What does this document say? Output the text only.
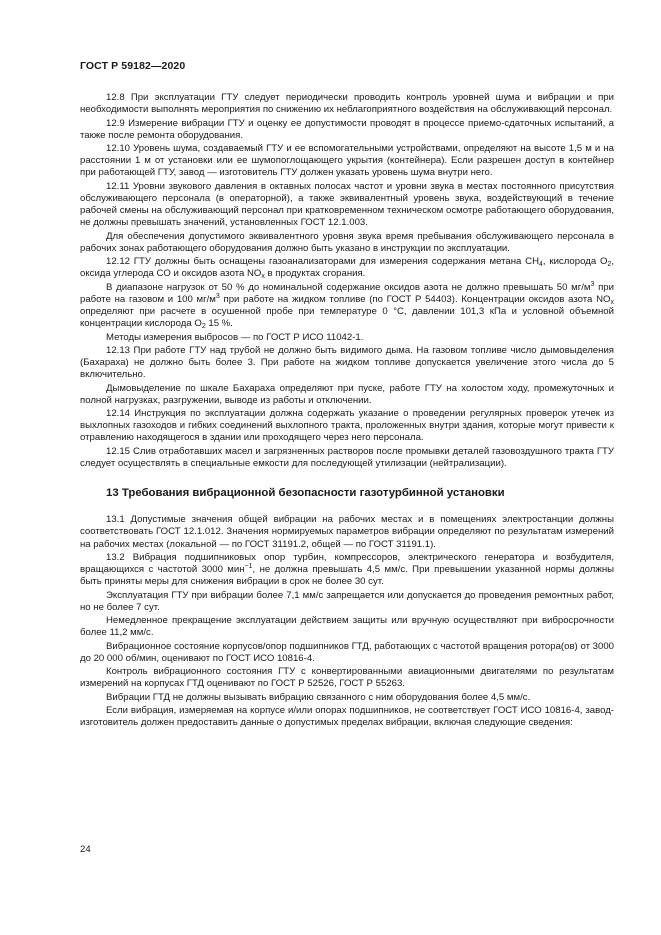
ГОСТ Р 59182—2020

12.8 При эксплуатации ГТУ следует периодически проводить контроль уровней шума и вибрации и при необходимости выполнять мероприятия по снижению их неблагоприятного воздействия на обслуживающий персонал.

12.9 Измерение вибрации ГТУ и оценку ее допустимости проводят в процессе приемо-сдаточных испытаний, а также после ремонта оборудования.

12.10 Уровень шума, создаваемый ГТУ и ее вспомогательными устройствами, определяют на высоте 1,5 м и на расстоянии 1 м от установки или ее шумопоглощающего укрытия (контейнера). Если разрешен доступ в контейнер при работающей ГТУ, завод — изготовитель ГТУ должен указать уровень шума внутри него.

12.11 Уровни звукового давления в октавных полосах частот и уровни звука в местах постоянного присутствия обслуживающего персонала (в операторной), а также эквивалентный уровень звука, воздействующий в течение рабочей смены на обслуживающий персонал при кратковременном техническом осмотре работающего оборудования, не должны превышать значений, установленных ГОСТ 12.1.003.

Для обеспечения допустимого эквивалентного уровня звука время пребывания обслуживающего персонала в рабочих зонах работающего оборудования должно быть указано в инструкции по эксплуатации.

12.12 ГТУ должны быть оснащены газоанализаторами для измерения содержания метана $CH_4$, кислорода $O_2$, оксида углерода CO и оксидов азота $NO_x$ в продуктах сгорания.

В диапазоне нагрузок от 50 % до номинальной содержание оксидов азота не должно превышать 50 $мг/м^3$ при работе на газовом и 100 $мг/м^3$ при работе на жидком топливе (по ГОСТ Р 54403). Концентрации оксидов азота $NO_x$ определяют при расчете в осушенной пробе при температуре 0 °C, давлении 101,3 кПа и условной объемной концентрации кислорода $O_2$ 15 %.

Методы измерения выбросов — по ГОСТ Р ИСО 11042-1.

12.13 При работе ГТУ над трубой не должно быть видимого дыма. На газовом топливе число дымовыделения (Бахараха) не должно быть более 3. При работе на жидком топливе допускается увеличение этого числа до 5 включительно.

Дымовыделение по шкале Бахараха определяют при пуске, работе ГТУ на холостом ходу, промежуточных и полной нагрузках, разгружении, выводе из работы и отключении.

12.14 Инструкция по эксплуатации должна содержать указание о проведении регулярных проверок утечек из выхлопных газоходов и гибких соединений выхлопного тракта, проложенных внутри здания, которые могут привести к отравлению находящегося в здании или проходящего через него персонала.

12.15 Слив отработавших масел и загрязненных растворов после промывки деталей газовоздушного тракта ГТУ следует осуществлять в специальные емкости для последующей утилизации (нейтрализации).

13 Требования вибрационной безопасности газотурбинной установки

13.1 Допустимые значения общей вибрации на рабочих местах и в помещениях электростанции должны соответствовать ГОСТ 12.1.012. Значения нормируемых параметров вибрации определяют по результатам измерений на рабочих местах (локальной — по ГОСТ 31191.2, общей — по ГОСТ 31191.1).

13.2 Вибрация подшипниковых опор турбин, компрессоров, электрического генератора и возбудителя, вращающихся с частотой 3000 мин$^{-1}$, не должна превышать 4,5 мм/с. При превышении указанной нормы должны быть приняты меры для снижения вибрации в срок не более 30 сут.

Эксплуатация ГТУ при вибрации более 7,1 мм/с запрещается или допускается до проведения ремонтных работ, но не более 7 сут.

Немедленное прекращение эксплуатации действием защиты или вручную осуществляют при вибросрочности более 11,2 мм/с.

Вибрационное состояние корпусов/опор подшипников ГТД, работающих с частотой вращения ротора(ов) от 3000 до 20 000 об/мин, оценивают по ГОСТ ИСО 10816-4.

Контроль вибрационного состояния ГТУ с конвертированными авиационными двигателями по результатам измерений на корпусах ГТД оценивают по ГОСТ Р 52526, ГОСТ Р 55263.

Вибрации ГТД не должны вызывать вибрацию связанного с ним оборудования более 4,5 мм/с.

Если вибрация, измеряемая на корпусе и/или опорах подшипников, не соответствует ГОСТ ИСО 10816-4, завод-изготовитель должен предоставить данные о допустимых пределах вибрации, включая следующие сведения:

24
